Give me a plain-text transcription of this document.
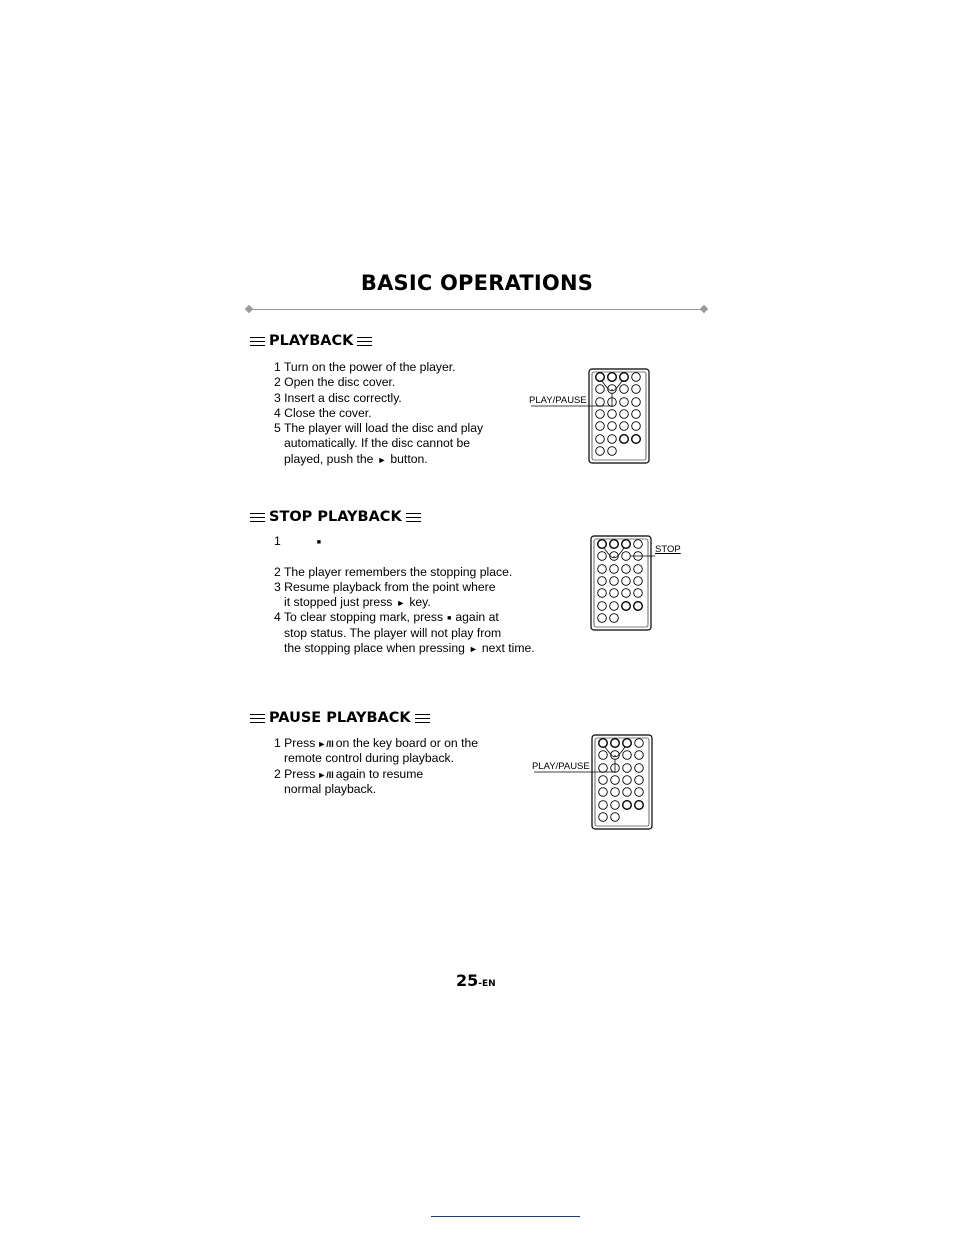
BASIC OPERATIONS
PLAYBACK
1 Turn on the power of the player.
2 Open the disc cover.
3 Insert a disc correctly.
4 Close the cover.
5 The player will load the disc and play
automatically. If the disc cannot be
played, push the ► button.
PLAY/PAUSE
STOP PLAYBACK
1	■
2 The player remembers the stopping place.
3 Resume playback from the point where
it stopped just press ► key.
4 To clear stopping mark, press ■ again at
stop status. The player will not play from
the stopping place when pressing ► next time.
STOP
PAUSE PLAYBACK
1 Press ►/II on the key board or on the
remote control during playback.
2 Press ►/II again to resume
normal playback.
PLAY/PAUSE
25-EN
